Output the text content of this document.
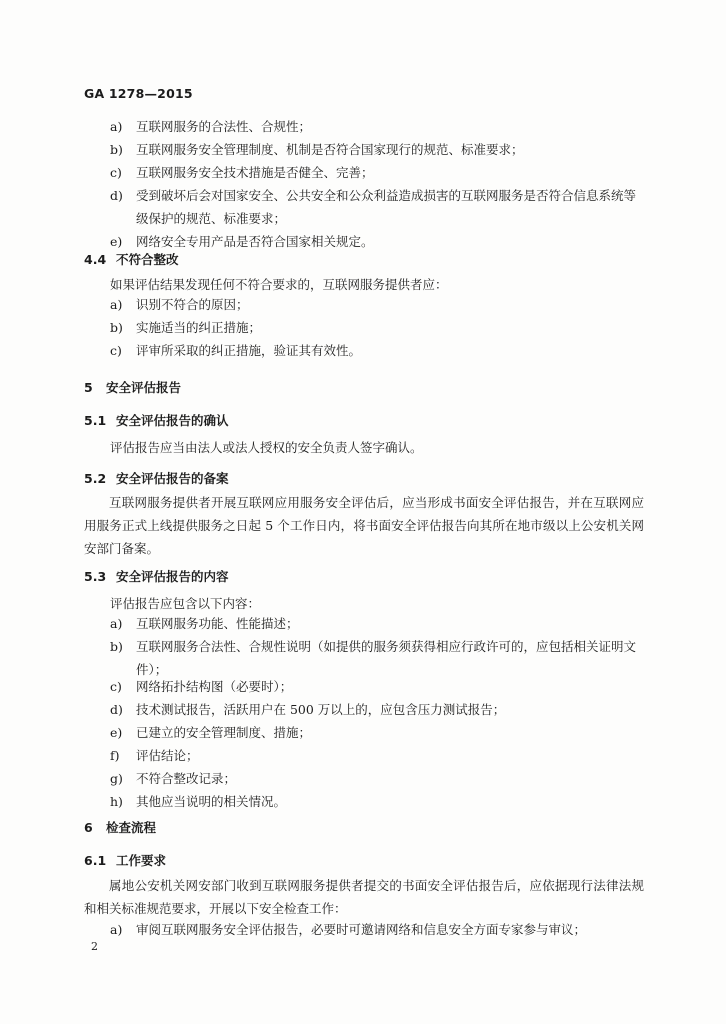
GA 1278—2015
a) 互联网服务的合法性、合规性；
b) 互联网服务安全管理制度、机制是否符合国家现行的规范、标准要求；
c) 互联网服务安全技术措施是否健全、完善；
d) 受到破坏后会对国家安全、公共安全和公众利益造成损害的互联网服务是否符合信息系统等级保护的规范、标准要求；
e) 网络安全专用产品是否符合国家相关规定。
4.4 不符合整改
如果评估结果发现任何不符合要求的，互联网服务提供者应：
a) 识别不符合的原因；
b) 实施适当的纠正措施；
c) 评审所采取的纠正措施，验证其有效性。
5 安全评估报告
5.1 安全评估报告的确认
评估报告应当由法人或法人授权的安全负责人签字确认。
5.2 安全评估报告的备案
互联网服务提供者开展互联网应用服务安全评估后，应当形成书面安全评估报告，并在互联网应用服务正式上线提供服务之日起 5 个工作日内，将书面安全评估报告向其所在地市级以上公安机关网安部门备案。
5.3 安全评估报告的内容
评估报告应包含以下内容：
a) 互联网服务功能、性能描述；
b) 互联网服务合法性、合规性说明（如提供的服务须获得相应行政许可的，应包括相关证明文件）；
c) 网络拓扑结构图（必要时）；
d) 技术测试报告，活跃用户在 500 万以上的，应包含压力测试报告；
e) 已建立的安全管理制度、措施；
f) 评估结论；
g) 不符合整改记录；
h) 其他应当说明的相关情况。
6 检查流程
6.1 工作要求
属地公安机关网安部门收到互联网服务提供者提交的书面安全评估报告后，应依据现行法律法规和相关标准规范要求，开展以下安全检查工作：
a) 审阅互联网服务安全评估报告，必要时可邀请网络和信息安全方面专家参与审议；
2
